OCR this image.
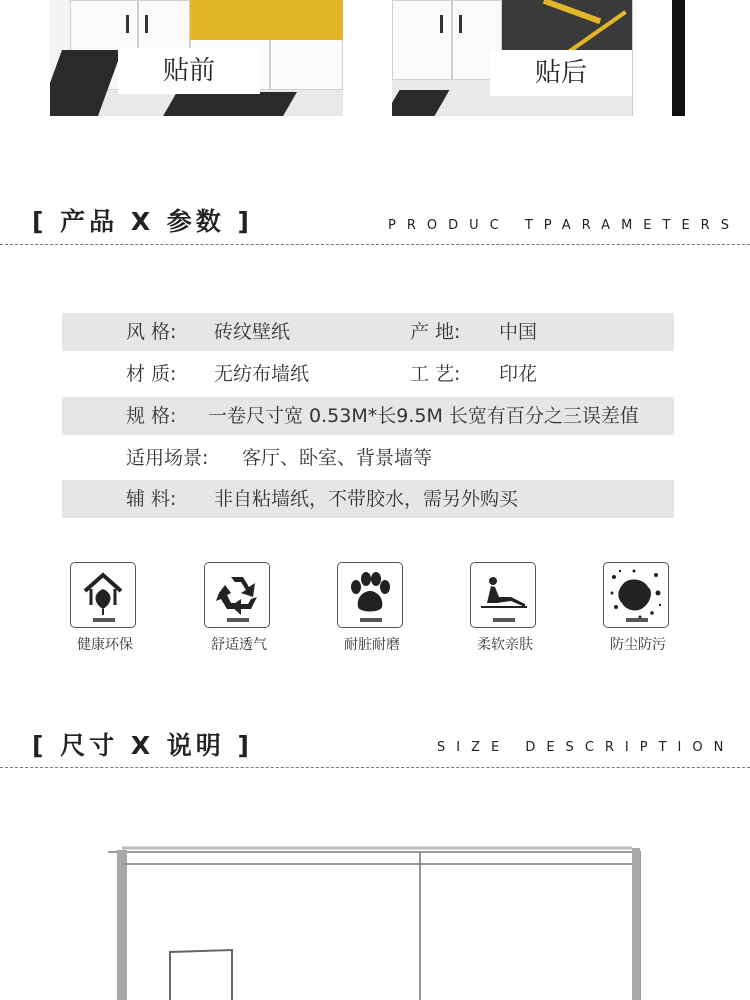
贴前	贴后
[ 产品 X 参数 ]	PRODUC TPARAMETERS
风 格: 砖纹壁纸	产 地: 中国
材 质: 无纺布墙纸	工 艺: 印花
规 格: 一卷尺寸宽 0.53M*长9.5M 长宽有百分之三误差值
适用场景: 客厅、卧室、背景墙等
辅 料: 非自粘墙纸，不带胶水，需另外购买
健康环保	舒适透气	耐脏耐磨	柔软亲肤	防尘防污
[ 尺寸 X 说明 ]	SIZE DESCRIPTION
